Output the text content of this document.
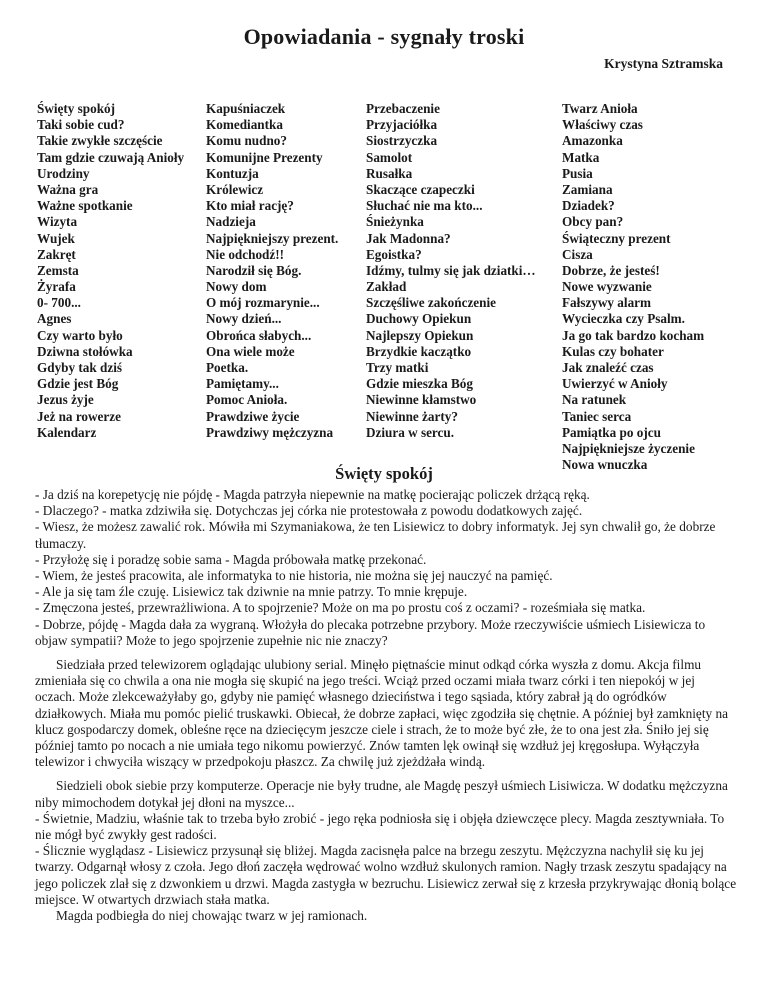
Opowiadania - sygnały troski
Krystyna Sztramska
Święty spokój
Taki sobie cud?
Takie zwykłe szczęście
Tam gdzie czuwają Anioły
Urodziny
Ważna gra
Ważne spotkanie
Wizyta
Wujek
Zakręt
Zemsta
Żyrafa
0- 700...
Agnes
Czy warto było
Dziwna stołówka
Gdyby tak dziś
Gdzie jest Bóg
Jezus żyje
Jeż na rowerze
Kalendarz
Kapuśniaczek
Komediantka
Komu nudno?
Komunijne Prezenty
Kontuzja
Królewicz
Kto miał rację?
Nadzieja
Najpiękniejszy prezent.
Nie odchodź!!
Narodził się Bóg.
Nowy dom
O mój rozmarynie...
Nowy dzień...
Obrońca słabych...
Ona wiele może
Poetka.
Pamiętamy...
Pomoc Anioła.
Prawdziwe życie
Prawdziwy mężczyzna
Przebaczenie
Przyjaciółka
Siostrzyczka
Samolot
Rusałka
Skaczące czapeczki
Słuchać nie ma kto...
Śnieżynka
Jak Madonna?
Egoistka?
Idźmy, tulmy się jak dziatki…
Zakład
Szczęśliwe zakończenie
Duchowy Opiekun
Najlepszy Opiekun
Brzydkie kaczątko
Trzy matki
Gdzie mieszka Bóg
Niewinne kłamstwo
Niewinne żarty?
Dziura w sercu.
Twarz Anioła
Właściwy czas
Amazonka
Matka
Pusia
Zamiana
Dziadek?
Obcy pan?
Świąteczny prezent
Cisza
Dobrze, że jesteś!
Nowe wyzwanie
Fałszywy alarm
Wycieczka czy Psalm.
Ja go tak bardzo kocham
Kulas czy bohater
Jak znaleźć czas
Uwierzyć w Anioły
Na ratunek
Taniec serca
Pamiątka po ojcu
Najpiękniejsze życzenie
Nowa wnuczka
Święty spokój

- Ja dziś na korepetycję nie pójdę - Magda patrzyła niepewnie na matkę pocierając policzek drżącą ręką.

- Dlaczego? - matka zdziwiła się. Dotychczas jej córka nie protestowała z powodu dodatkowych zajęć.

- Wiesz, że możesz zawalić rok. Mówiła mi Szymaniakowa, że ten Lisiewicz to dobry informatyk. Jej syn chwalił go, że dobrze tłumaczy.

- Przyłożę się i poradzę sobie sama - Magda próbowała matkę przekonać.

- Wiem, że jesteś pracowita, ale informatyka to nie historia, nie można się jej nauczyć na pamięć.

- Ale ja się tam źle czuję. Lisiewicz tak dziwnie na mnie patrzy. To mnie krępuje.

- Zmęczona jesteś, przewrażliwiona. A to spojrzenie? Może on ma po prostu coś z oczami? - roześmiała się matka.

- Dobrze, pójdę - Magda dała za wygraną. Włożyła do plecaka potrzebne przybory. Może rzeczywiście uśmiech Lisiewicza to objaw sympatii? Może to jego spojrzenie zupełnie nic nie znaczy?

Siedziała przed telewizorem oglądając ulubiony serial. Minęło piętnaście minut odkąd córka wyszła z domu. Akcja filmu zmieniała się co chwila a ona nie mogła się skupić na jego treści. Wciąż przed oczami miała twarz córki i ten niepokój w jej oczach. Może zlekceważyłaby go, gdyby nie pamięć własnego dzieciństwa i tego sąsiada, który zabrał ją do ogródków działkowych. Miała mu pomóc pielić truskawki. Obiecał, że dobrze zapłaci, więc zgodziła się chętnie. A później był zamknięty na klucz gospodarczy domek, obleśne ręce na dziecięcym jeszcze ciele i strach, że to może być złe, że to ona jest zła. Śniło jej się później tamto po nocach a nie umiała tego nikomu powierzyć. Znów tamten lęk owinął się wzdłuż jej kręgosłupa. Wyłączyła telewizor i chwyciła wiszący w przedpokoju płaszcz. Za chwilę już zjeżdżała windą.

Siedzieli obok siebie przy komputerze. Operacje nie były trudne, ale Magdę peszył uśmiech Lisiwicza. W dodatku mężczyzna niby mimochodem dotykał jej dłoni na myszce...

- Świetnie, Madziu, właśnie tak to trzeba było zrobić - jego ręka podniosła się i objęła dziewczęce plecy. Magda zesztywniała. To nie mógł być zwykły gest radości.

- Ślicznie wyglądasz - Lisiewicz przysunął się bliżej. Magda zacisnęła palce na brzegu zeszytu. Mężczyzna nachylił się ku jej twarzy. Odgarnął włosy z czoła. Jego dłoń zaczęła wędrować wolno wzdłuż skulonych ramion. Nagły trzask zeszytu spadający na jego policzek zlał się z dzwonkiem u drzwi. Magda zastygła w bezruchu. Lisiewicz zerwał się z krzesła przykrywając dłonią bolące miejsce. W otwartych drzwiach stała matka.

Magda podbiegła do niej chowając twarz w jej ramionach.
